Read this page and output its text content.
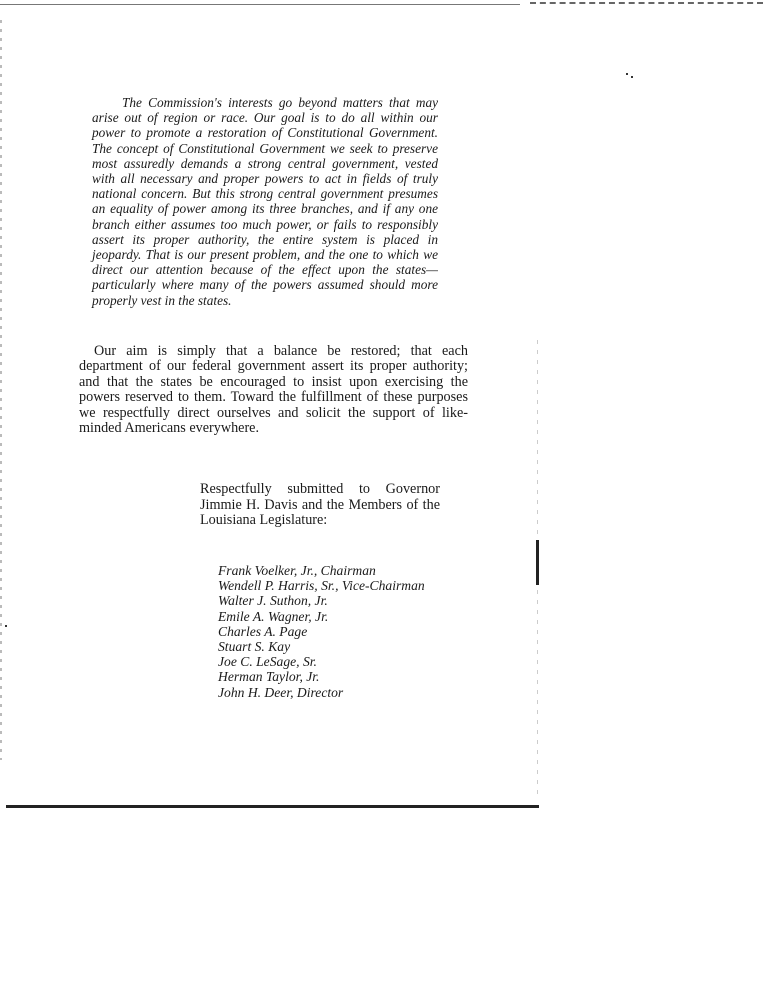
The Commission's interests go beyond matters that may arise out of region or race. Our goal is to do all within our power to promote a restoration of Constitutional Government. The concept of Constitutional Government we seek to preserve most assuredly demands a strong central government, vested with all necessary and proper powers to act in fields of truly national concern. But this strong central government presumes an equality of power among its three branches, and if any one branch either assumes too much power, or fails to responsibly assert its proper authority, the entire system is placed in jeopardy. That is our present problem, and the one to which we direct our attention because of the effect upon the states—particularly where many of the powers assumed should more properly vest in the states.

Our aim is simply that a balance be restored; that each department of our federal government assert its proper authority; and that the states be encouraged to insist upon exercising the powers reserved to them. Toward the fulfillment of these purposes we respectfully direct ourselves and solicit the support of like-minded Americans everywhere.

Respectfully submitted to Governor Jimmie H. Davis and the Members of the Louisiana Legislature:
Frank Voelker, Jr., Chairman
Wendell P. Harris, Sr., Vice-Chairman
Walter J. Suthon, Jr.
Emile A. Wagner, Jr.
Charles A. Page
Stuart S. Kay
Joe C. LeSage, Sr.
Herman Taylor, Jr.
John H. Deer, Director
